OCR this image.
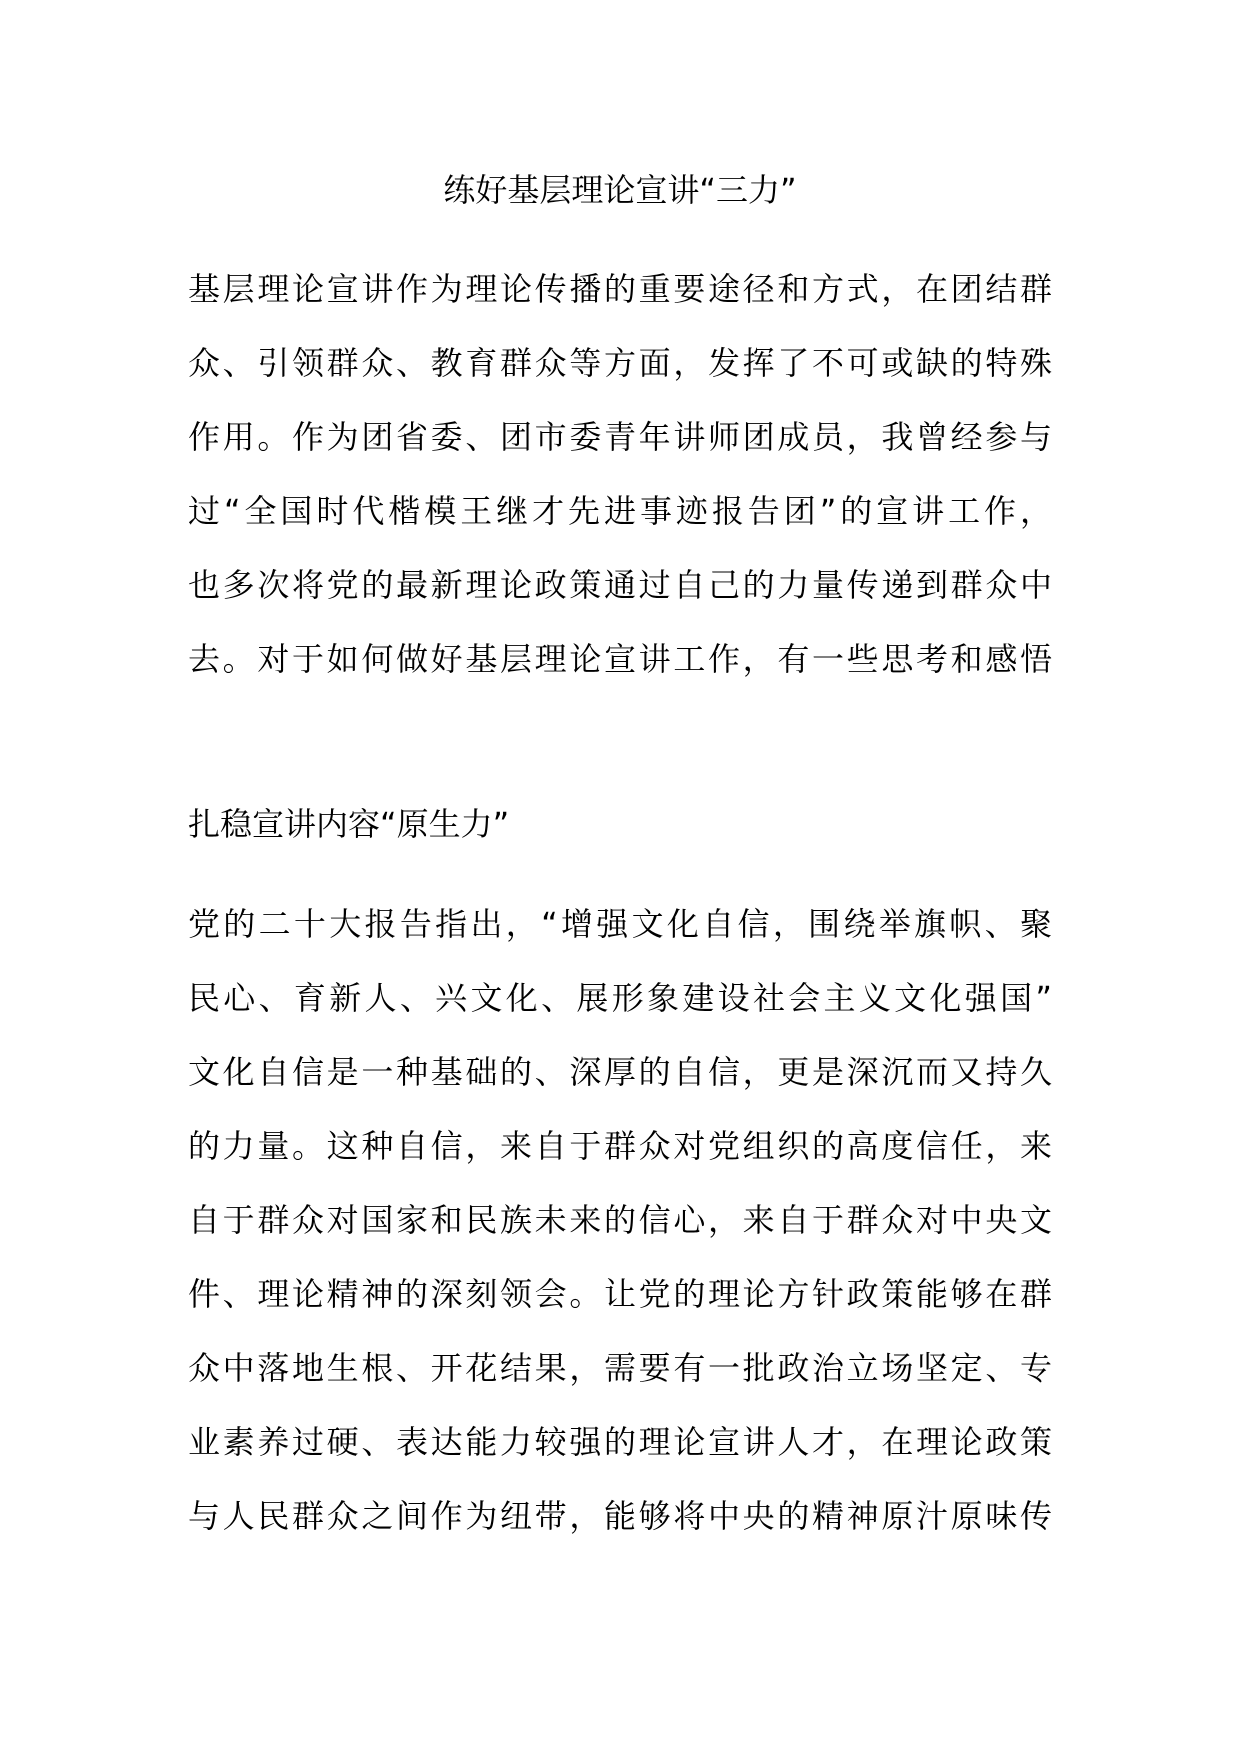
练好基层理论宣讲“三力”

基层理论宣讲作为理论传播的重要途径和方式，在团结群
众、引领群众、教育群众等方面，发挥了不可或缺的特殊
作用。作为团省委、团市委青年讲师团成员，我曾经参与
过“全国时代楷模王继才先进事迹报告团”的宣讲工作，
也多次将党的最新理论政策通过自己的力量传递到群众中
去。对于如何做好基层理论宣讲工作，有一些思考和感悟

扎稳宣讲内容“原生力”

党的二十大报告指出，“增强文化自信，围绕举旗帜、聚
民心、育新人、兴文化、展形象建设社会主义文化强国”
文化自信是一种基础的、深厚的自信，更是深沉而又持久
的力量。这种自信，来自于群众对党组织的高度信任，来
自于群众对国家和民族未来的信心，来自于群众对中央文
件、理论精神的深刻领会。让党的理论方针政策能够在群
众中落地生根、开花结果，需要有一批政治立场坚定、专
业素养过硬、表达能力较强的理论宣讲人才，在理论政策
与人民群众之间作为纽带，能够将中央的精神原汁原味传
